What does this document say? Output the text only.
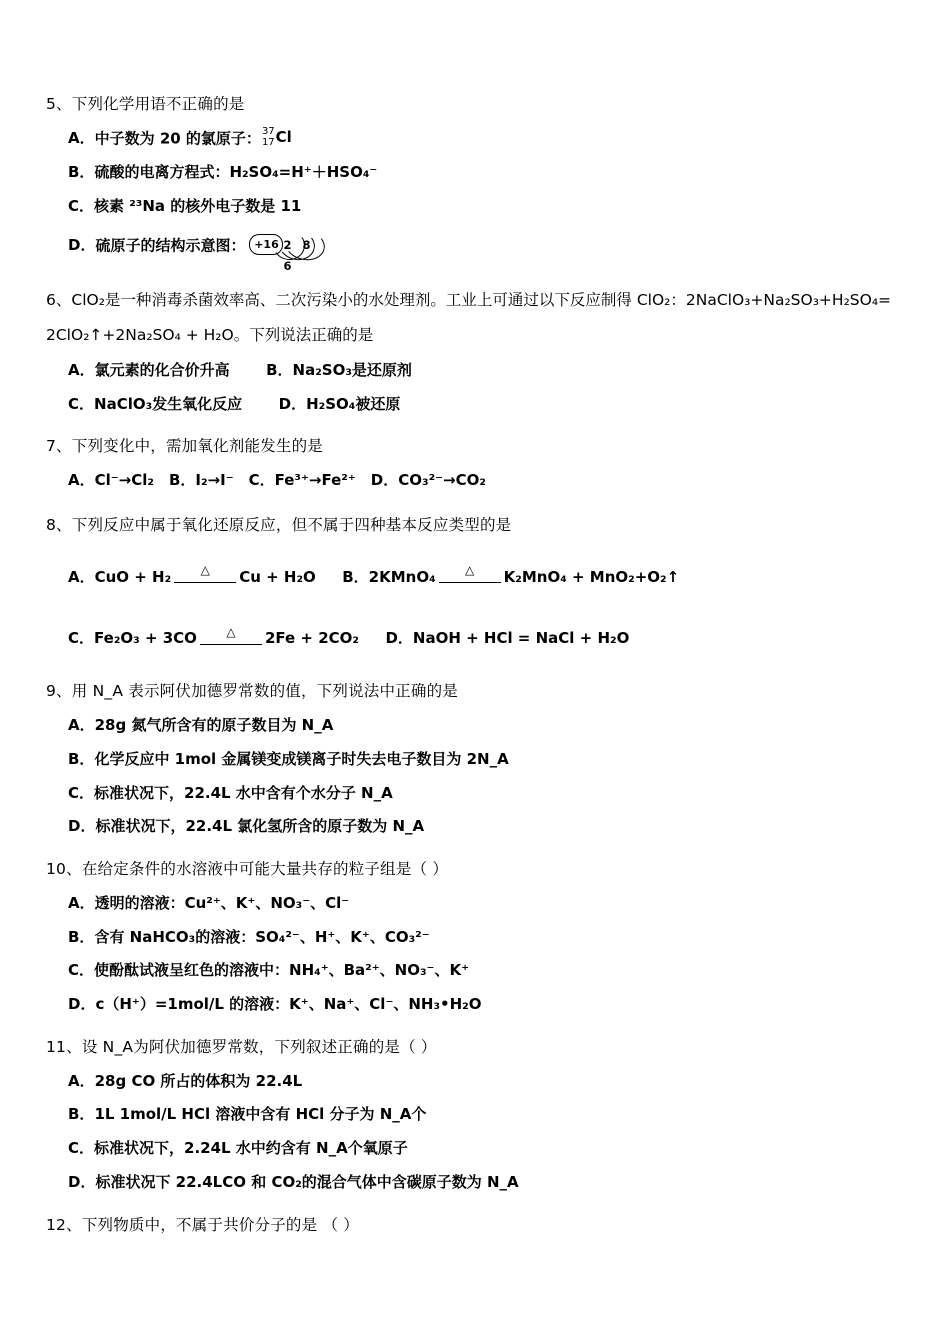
5、下列化学用语不正确的是
A．中子数为 20 的氯原子：37
17Cl
B．硫酸的电离方程式：H₂SO₄=H⁺＋HSO₄⁻
C．核素 ²³Na 的核外电子数是 11
D．硫原子的结构示意图： +16 2 8 6
6、ClO₂是一种消毒杀菌效率高、二次污染小的水处理剂。工业上可通过以下反应制得 ClO₂：2NaClO₃+Na₂SO₃+H₂SO₄=
2ClO₂↑+2Na₂SO₄ + H₂O。下列说法正确的是
A．氯元素的化合价升高 B．Na₂SO₃是还原剂
C．NaClO₃发生氧化反应 D．H₂SO₄被还原
7、下列变化中，需加氧化剂能发生的是
A．Cl⁻→Cl₂　B．I₂→I⁻　C．Fe³⁺→Fe²⁺　D．CO₃²⁻→CO₂
8、下列反应中属于氧化还原反应，但不属于四种基本反应类型的是
A．CuO + H₂ △ Cu + H₂O B．2KMnO₄ △ K₂MnO₄ + MnO₂+O₂↑
C．Fe₂O₃ + 3CO △ 2Fe + 2CO₂ D．NaOH + HCl = NaCl + H₂O
9、用 N_A 表示阿伏加德罗常数的值，下列说法中正确的是
A．28g 氮气所含有的原子数目为 N_A
B．化学反应中 1mol 金属镁变成镁离子时失去电子数目为 2N_A
C．标准状况下，22.4L 水中含有个水分子 N_A
D．标准状况下，22.4L 氯化氢所含的原子数为 N_A
10、在给定条件的水溶液中可能大量共存的粒子组是（ ）
A．透明的溶液：Cu²⁺、K⁺、NO₃⁻、Cl⁻
B．含有 NaHCO₃的溶液：SO₄²⁻、H⁺、K⁺、CO₃²⁻
C．使酚酞试液呈红色的溶液中：NH₄⁺、Ba²⁺、NO₃⁻、K⁺
D．c（H⁺）=1mol/L 的溶液：K⁺、Na⁺、Cl⁻、NH₃•H₂O
11、设 N_A为阿伏加德罗常数，下列叙述正确的是（ ）
A．28g CO 所占的体积为 22.4L
B．1L 1mol/L HCl 溶液中含有 HCl 分子为 N_A个
C．标准状况下，2.24L 水中约含有 N_A个氧原子
D．标准状况下 22.4LCO 和 CO₂的混合气体中含碳原子数为 N_A
12、下列物质中，不属于共价分子的是 （ ）
